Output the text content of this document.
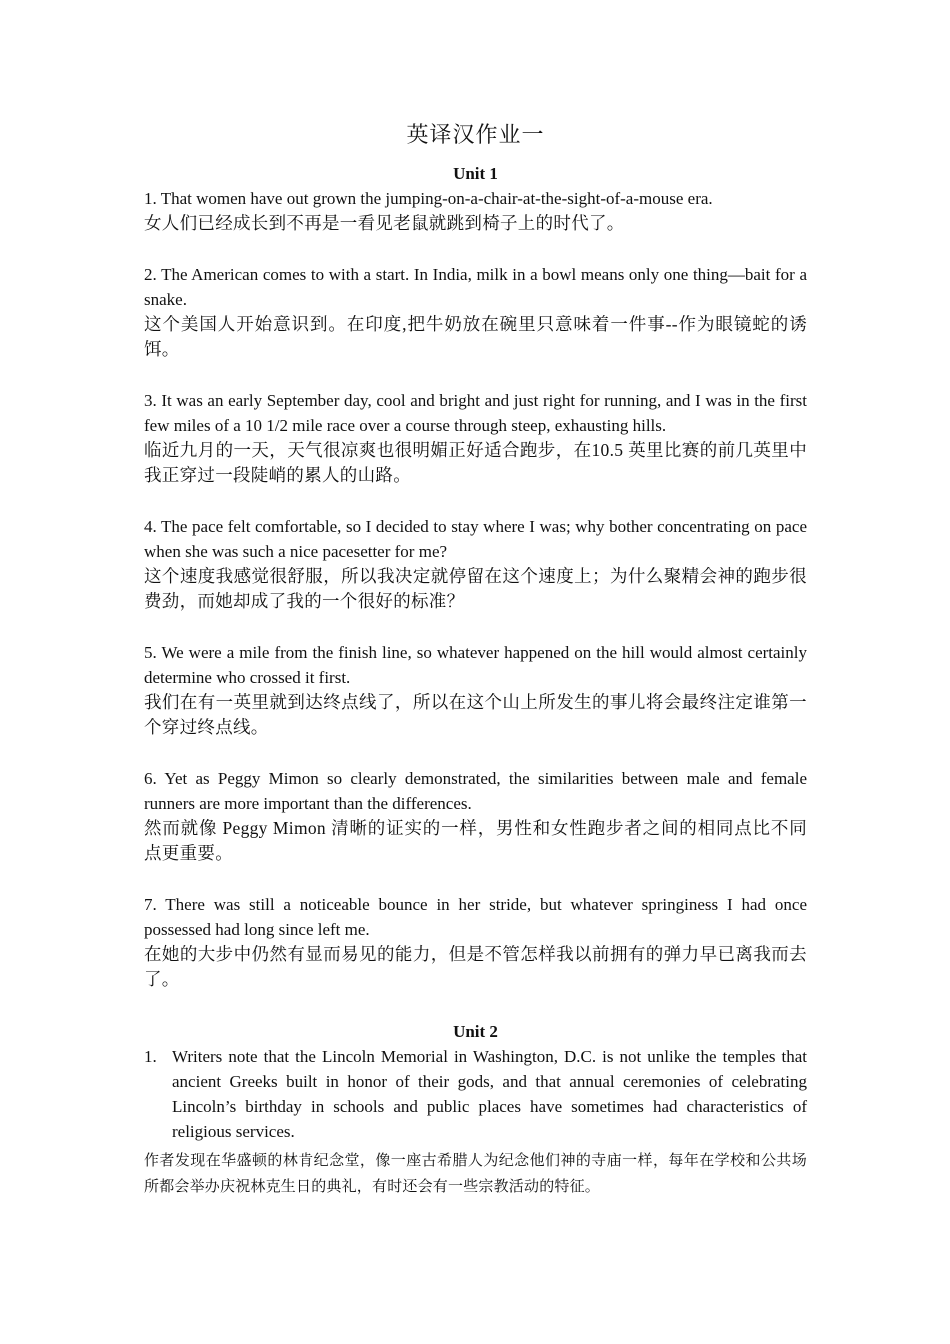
英译汉作业一
Unit 1

1. That women have out grown the jumping-on-a-chair-at-the-sight-of-a-mouse era.

女人们已经成长到不再是一看见老鼠就跳到椅子上的时代了。

2. The American comes to with a start. In India, milk in a bowl means only one thing—bait for a snake.

这个美国人开始意识到。在印度,把牛奶放在碗里只意味着一件事--作为眼镜蛇的诱饵。

3. It was an early September day, cool and bright and just right for running, and I was in the first few miles of a 10 1/2 mile race over a course through steep, exhausting hills.

临近九月的一天，天气很凉爽也很明媚正好适合跑步，在10.5 英里比赛的前几英里中我正穿过一段陡峭的累人的山路。

4. The pace felt comfortable, so I decided to stay where I was; why bother concentrating on pace when she was such a nice pacesetter for me?

这个速度我感觉很舒服，所以我决定就停留在这个速度上；为什么聚精会神的跑步很费劲，而她却成了我的一个很好的标准？

5. We were a mile from the finish line, so whatever happened on the hill would almost certainly determine who crossed it first.

我们在有一英里就到达终点线了，所以在这个山上所发生的事儿将会最终注定谁第一个穿过终点线。

6. Yet as Peggy Mimon so clearly demonstrated, the similarities between male and female runners are more important than the differences.

然而就像 Peggy Mimon 清晰的证实的一样，男性和女性跑步者之间的相同点比不同点更重要。

7. There was still a noticeable bounce in her stride, but whatever springiness I had once possessed had long since left me.

在她的大步中仍然有显而易见的能力，但是不管怎样我以前拥有的弹力早已离我而去了。

Unit 2
1. Writers note that the Lincoln Memorial in Washington, D.C. is not unlike the temples that ancient Greeks built in honor of their gods, and that annual ceremonies of celebrating Lincoln’s birthday in schools and public places have sometimes had characteristics of religious services.

作者发现在华盛顿的林肯纪念堂，像一座古希腊人为纪念他们神的寺庙一样，每年在学校和公共场所都会举办庆祝林克生日的典礼，有时还会有一些宗教活动的特征。
